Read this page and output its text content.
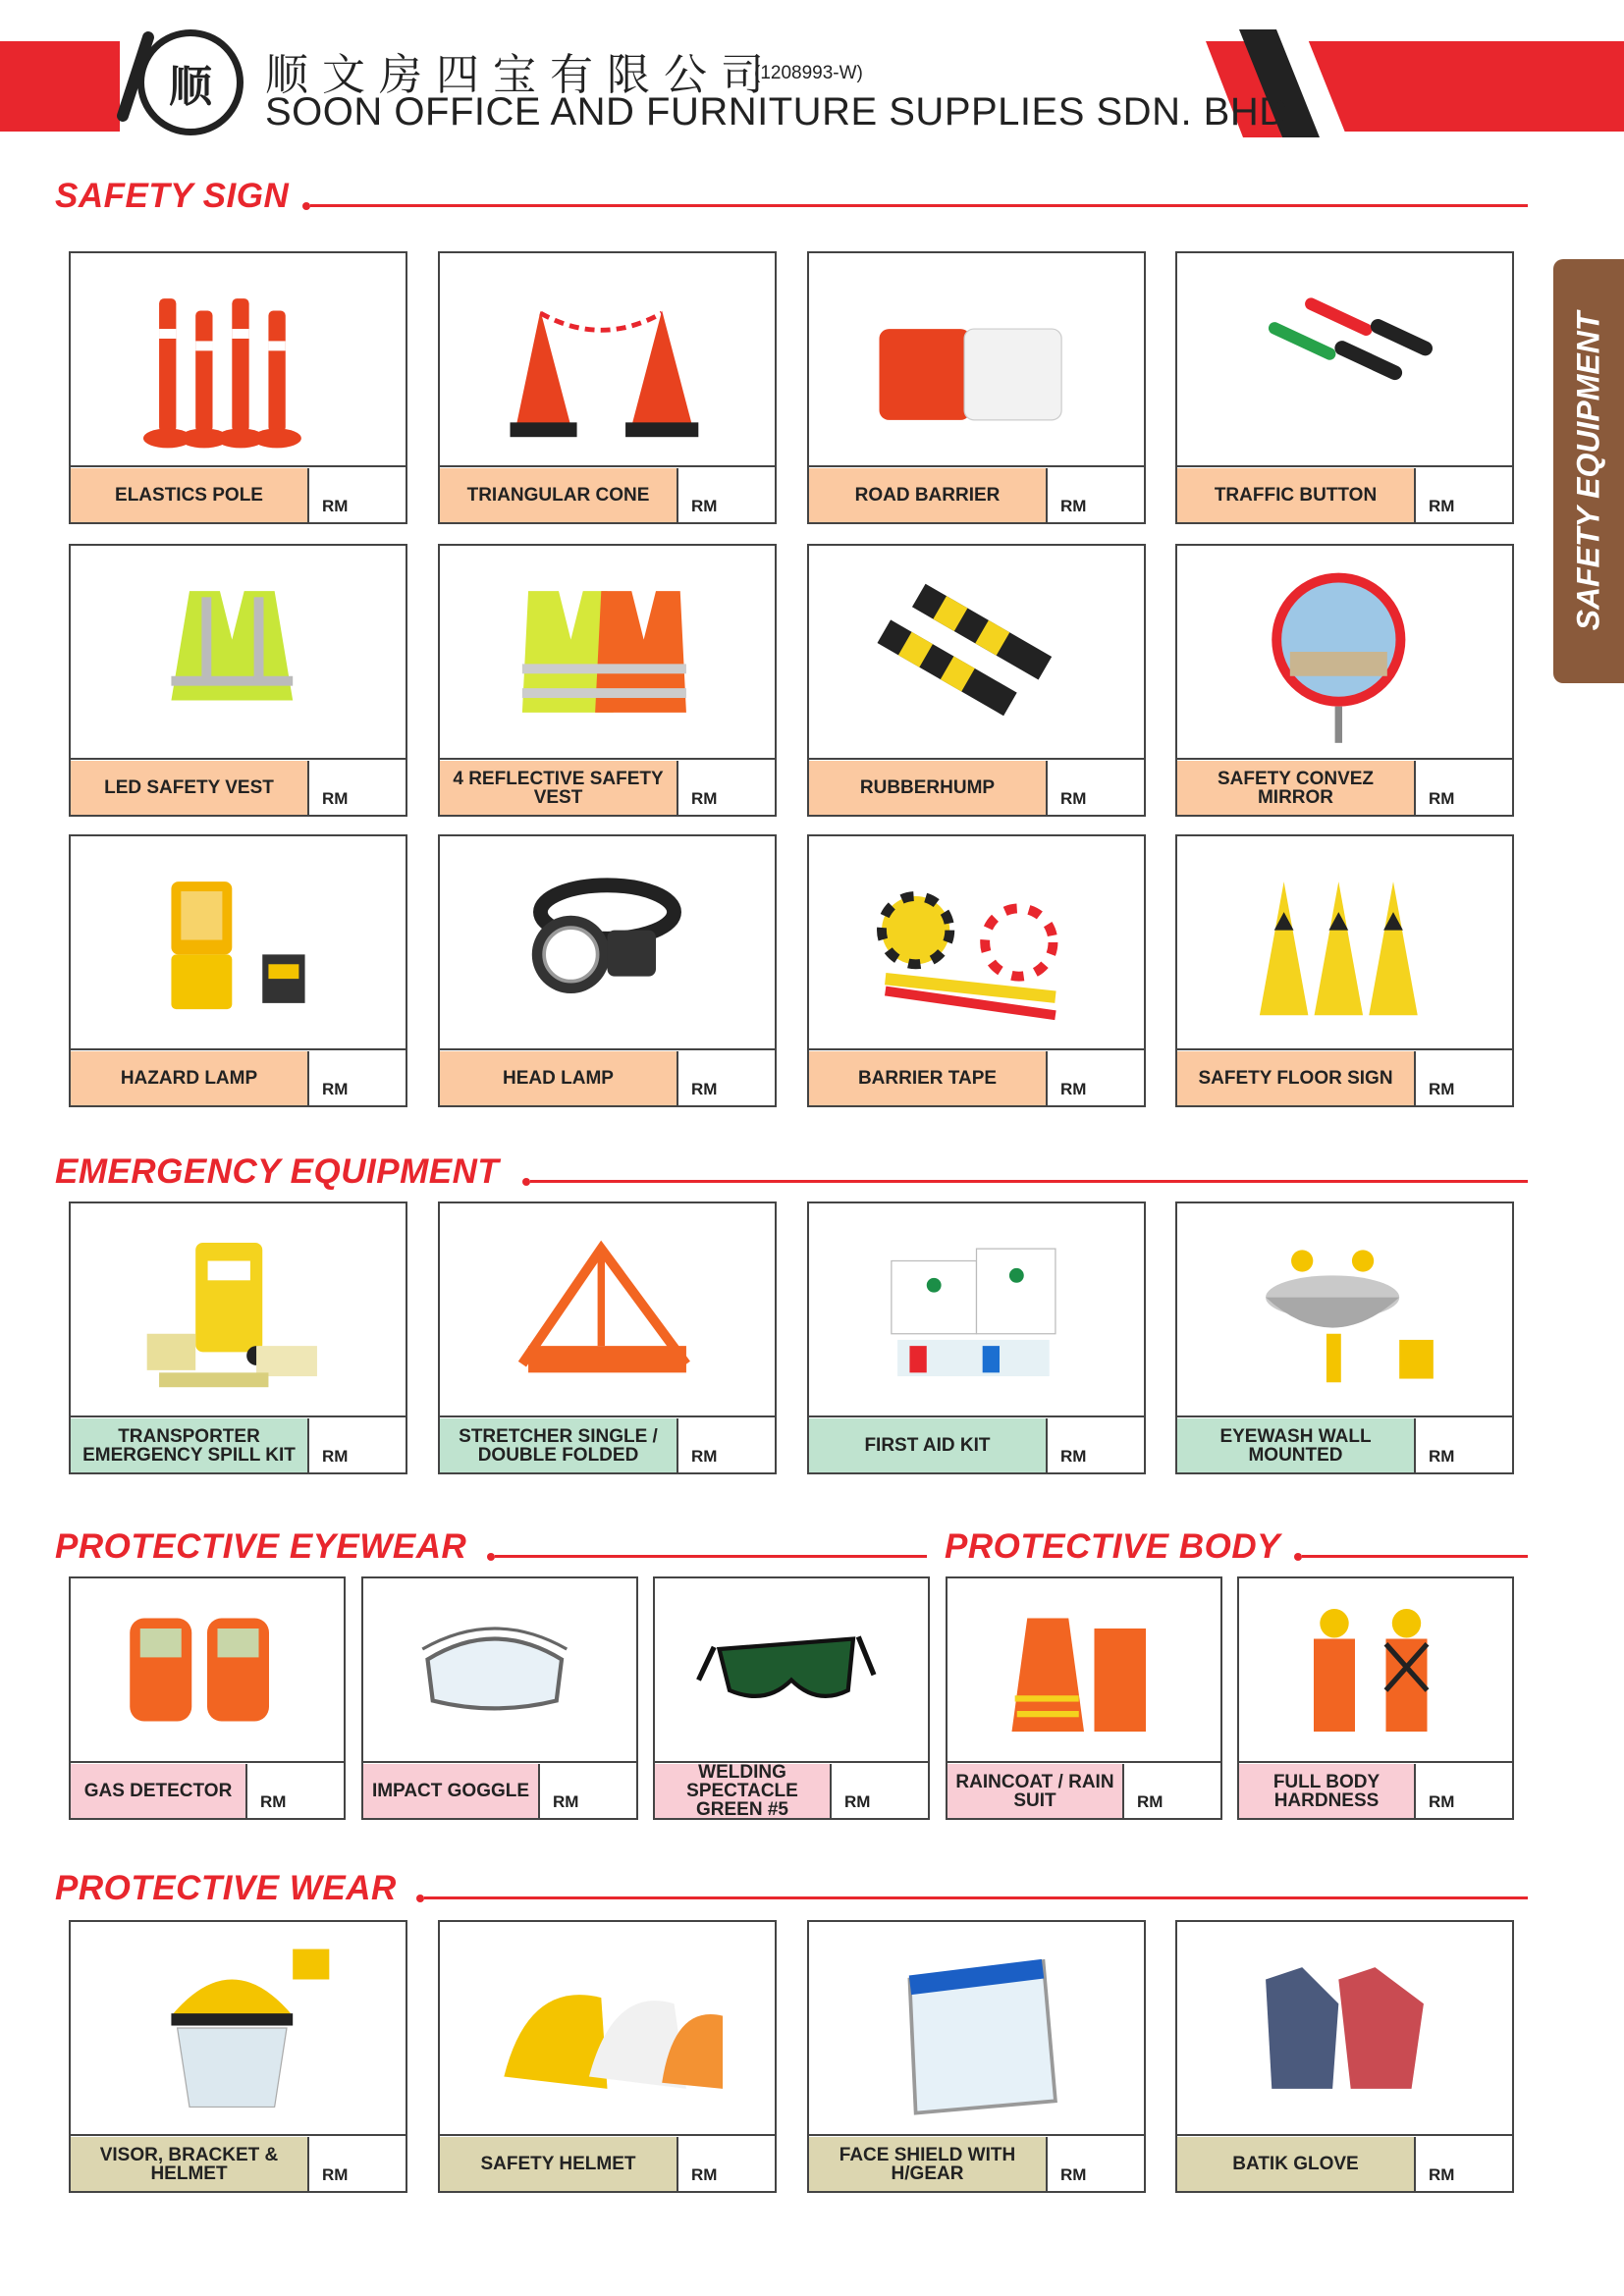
顺 顺文房四宝有限公司
(1208993-W)
SOON OFFICE AND FURNITURE SUPPLIES SDN. BHD.
SAFETY EQUIPMENT
SAFETY SIGN
EMERGENCY EQUIPMENT
PROTECTIVE EYEWEAR	PROTECTIVE BODY
PROTECTIVE WEAR
ELASTICS POLE
RM
TRIANGULAR CONE
RM
ROAD BARRIER
RM
TRAFFIC BUTTON
RM
LED SAFETY VEST
RM
4 REFLECTIVE SAFETY VEST	RM
RUBBERHUMP
RM
SAFETY CONVEZ MIRROR	RM
HAZARD LAMP
RM
HEAD LAMP
RM
BARRIER TAPE
RM
SAFETY FLOOR SIGN
RM
TRANSPORTER EMERGENCY SPILL KIT	RM
STRETCHER SINGLE / DOUBLE FOLDED	RM
FIRST AID KIT
RM
EYEWASH WALL MOUNTED	RM
GAS DETECTOR
RM
IMPACT GOGGLE
RM
WELDING SPECTACLE GREEN #5	RM
RAINCOAT / RAIN SUIT	RM
FULL BODY HARDNESS	RM
VISOR, BRACKET & HELMET	RM
SAFETY HELMET
RM
FACE SHIELD WITH H/GEAR	RM
BATIK GLOVE
RM
